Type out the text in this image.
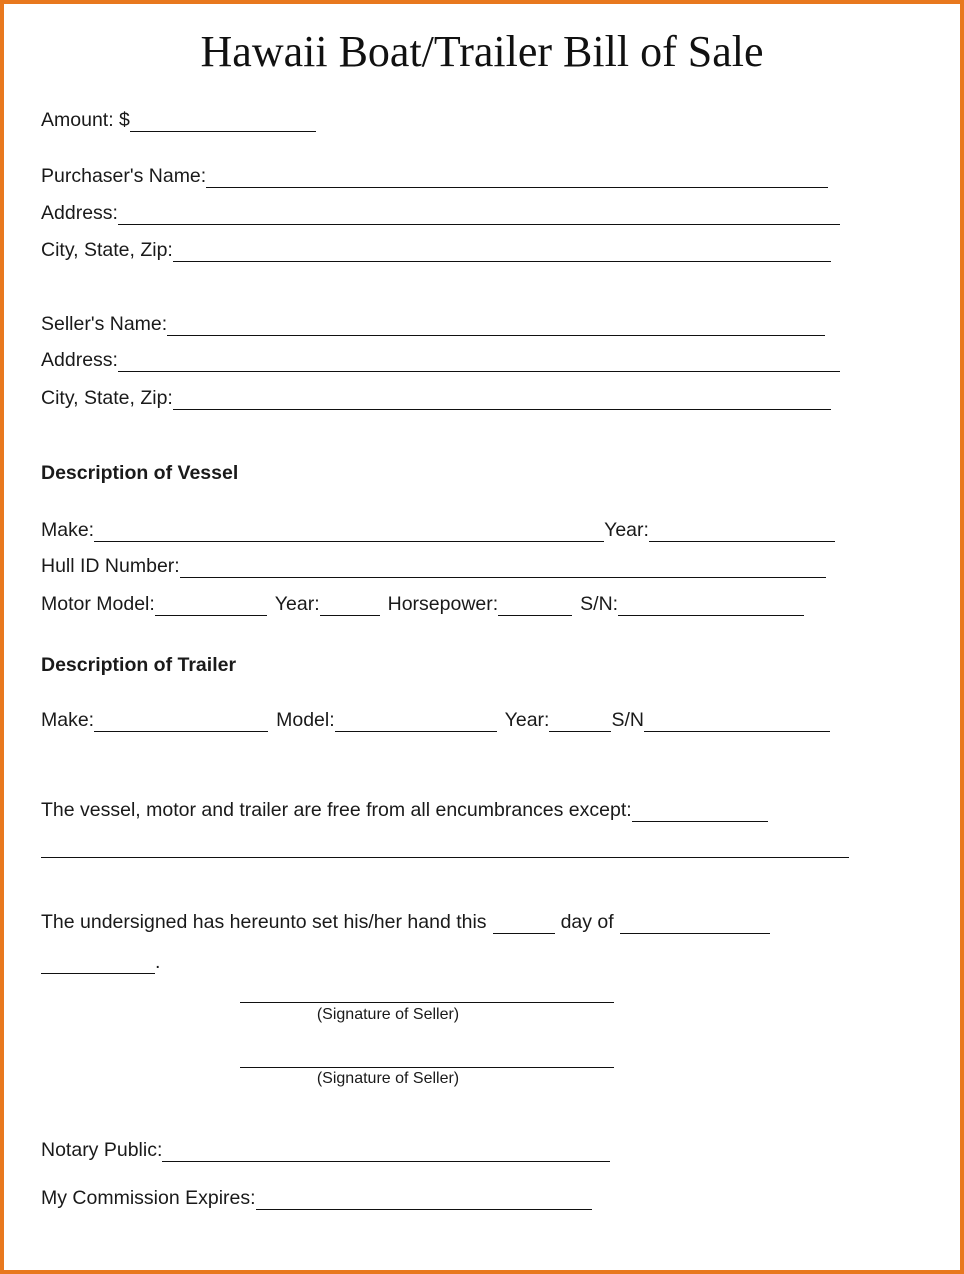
Hawaii Boat/Trailer Bill of Sale
Amount: $
Purchaser's Name:
Address:
City, State, Zip:
Seller's Name:
Address:
City, State, Zip:
Description of Vessel
Make:	Year:
Hull ID Number:
Motor Model:	Year:	Horsepower:	S/N:
Description of Trailer
Make:	Model:	Year:	S/N
The vessel, motor and trailer are free from all encumbrances except:
The undersigned has hereunto set his/her hand this	day of
.
(Signature of Seller)
(Signature of Seller)
Notary Public:
My Commission Expires:
